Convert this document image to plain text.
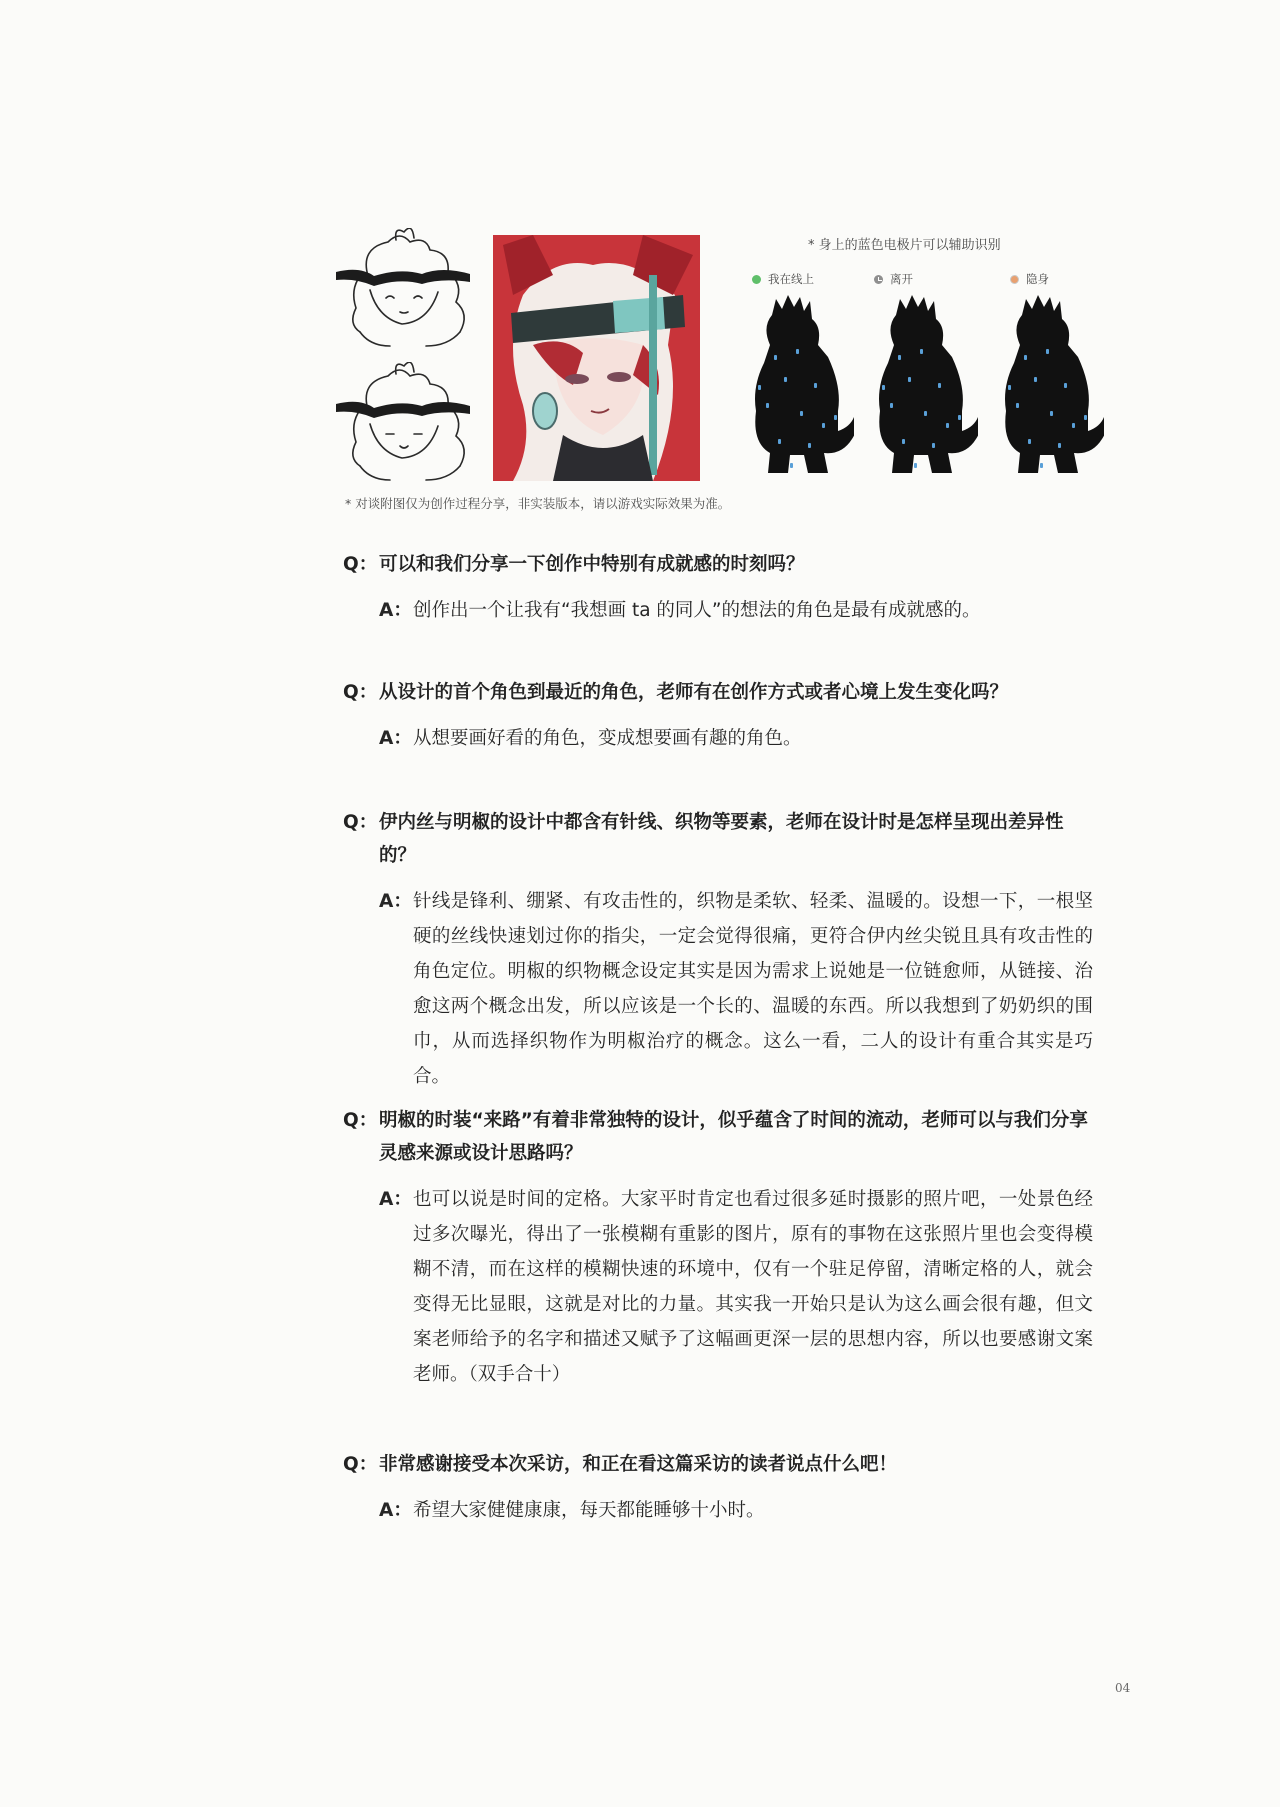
* 身上的蓝色电极片可以辅助识别
我在线上	离开	隐身
* 对谈附图仅为创作过程分享，非实装版本，请以游戏实际效果为准。

Q： 可以和我们分享一下创作中特别有成就感的时刻吗？

A： 创作出一个让我有“我想画 ta 的同人”的想法的角色是最有成就感的。

Q： 从设计的首个角色到最近的角色，老师有在创作方式或者心境上发生变化吗？

A： 从想要画好看的角色，变成想要画有趣的角色。

Q： 伊内丝与明椒的设计中都含有针线、织物等要素，老师在设计时是怎样呈现出差异性的？

A： 针线是锋利、绷紧、有攻击性的，织物是柔软、轻柔、温暖的。设想一下，一根坚硬的丝线快速划过你的指尖，一定会觉得很痛，更符合伊内丝尖锐且具有攻击性的角色定位。明椒的织物概念设定其实是因为需求上说她是一位链愈师，从链接、治愈这两个概念出发，所以应该是一个长的、温暖的东西。所以我想到了奶奶织的围巾，从而选择织物作为明椒治疗的概念。这么一看，二人的设计有重合其实是巧合。

Q： 明椒的时装“来路”有着非常独特的设计，似乎蕴含了时间的流动，老师可以与我们分享灵感来源或设计思路吗？

A： 也可以说是时间的定格。大家平时肯定也看过很多延时摄影的照片吧，一处景色经过多次曝光，得出了一张模糊有重影的图片，原有的事物在这张照片里也会变得模糊不清，而在这样的模糊快速的环境中，仅有一个驻足停留，清晰定格的人，就会变得无比显眼，这就是对比的力量。其实我一开始只是认为这么画会很有趣，但文案老师给予的名字和描述又赋予了这幅画更深一层的思想内容，所以也要感谢文案老师。（双手合十）

Q： 非常感谢接受本次采访，和正在看这篇采访的读者说点什么吧！

A： 希望大家健健康康，每天都能睡够十小时。
04
